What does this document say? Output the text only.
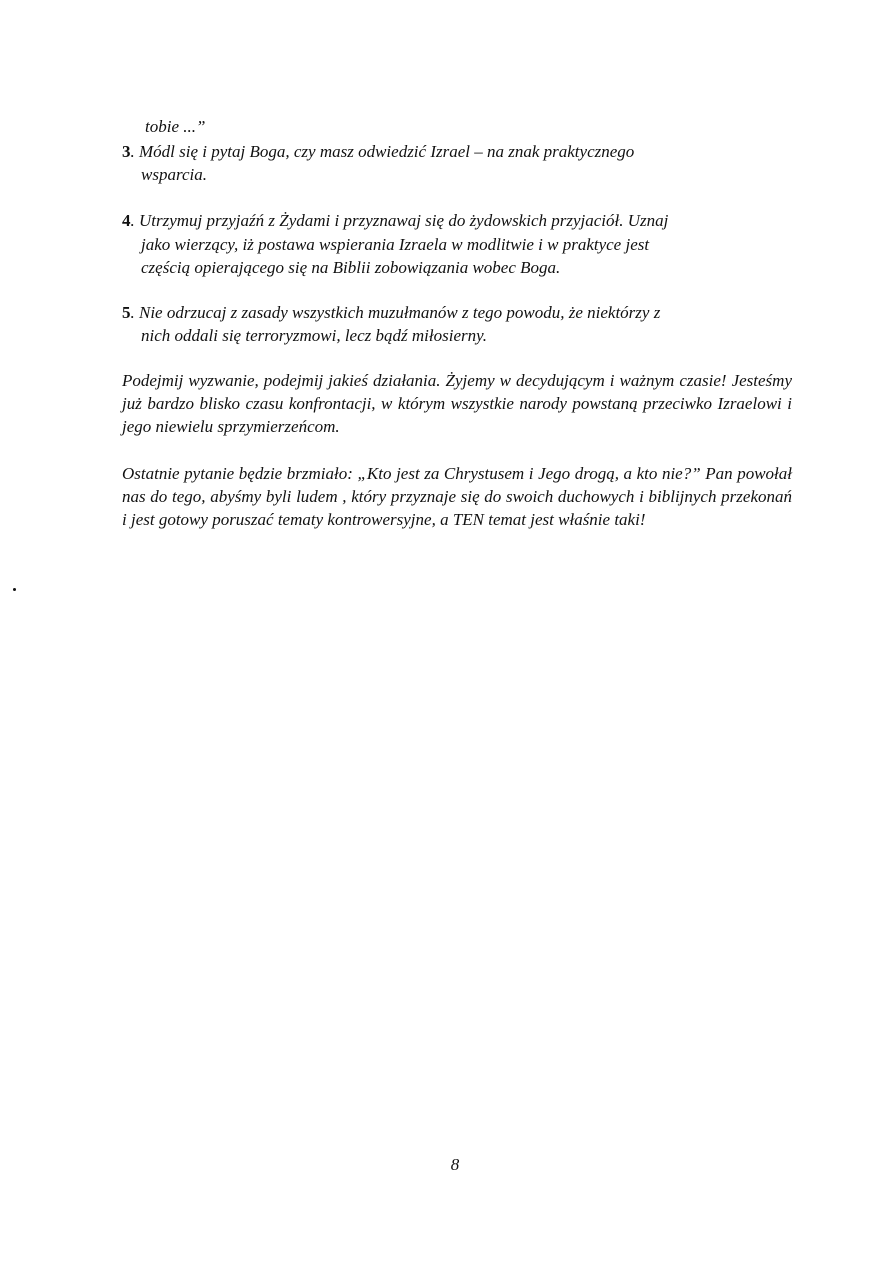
tobie ...”
3. Módl się i pytaj Boga, czy masz odwiedzić Izrael – na znak praktycznego
wsparcia.
4. Utrzymuj przyjaźń z Żydami i przyznawaj się do żydowskich przyjaciół. Uznaj
jako wierzący, iż postawa wspierania Izraela w modlitwie i w praktyce jest
częścią opierającego się na Biblii zobowiązania wobec Boga.
5. Nie odrzucaj z zasady wszystkich muzułmanów z tego powodu, że niektórzy z
nich oddali się terroryzmowi, lecz bądź miłosierny.
Podejmij wyzwanie, podejmij jakieś działania. Żyjemy w decydującym i ważnym czasie! Jesteśmy już bardzo blisko czasu konfrontacji, w którym wszystkie narody powstaną przeciwko Izraelowi i jego niewielu sprzymierzeńcom.
Ostatnie pytanie będzie brzmiało: „Kto jest za Chrystusem i Jego drogą, a kto nie?” Pan powołał nas do tego, abyśmy byli ludem , który przyznaje się do swoich duchowych i biblijnych przekonań i jest gotowy poruszać tematy kontrowersyjne, a TEN temat jest właśnie taki!
8
